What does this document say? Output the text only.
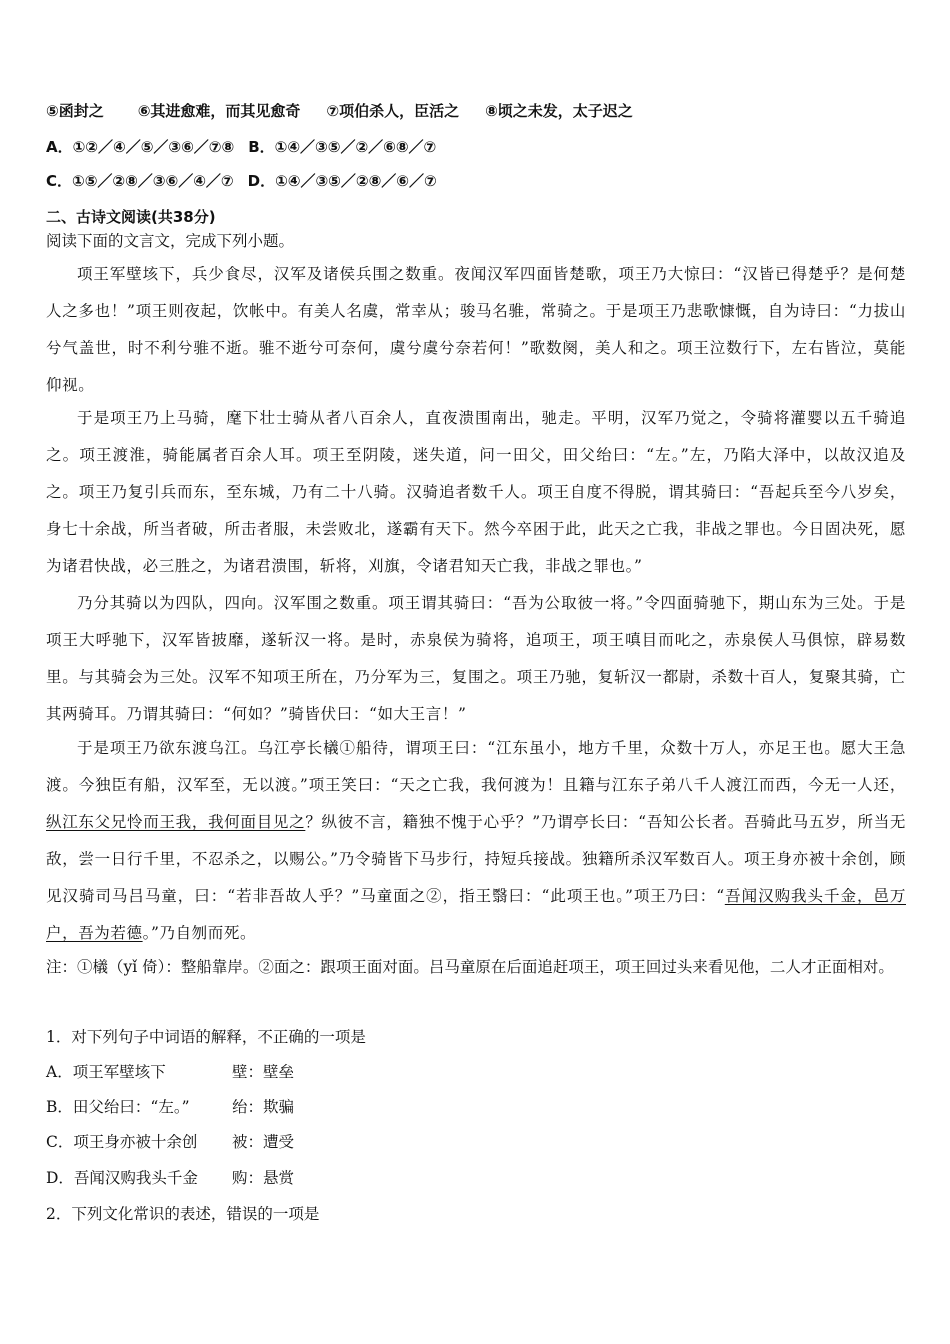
⑤函封之 ⑥其进愈难，而其见愈奇 ⑦项伯杀人，臣活之 ⑧顷之未发，太子迟之
A．①②／④／⑤／③⑥／⑦⑧ B．①④／③⑤／②／⑥⑧／⑦
C．①⑤／②⑧／③⑥／④／⑦ D．①④／③⑤／②⑧／⑥／⑦
二、古诗文阅读(共38分)
阅读下面的文言文，完成下列小题。

项王军壁垓下，兵少食尽，汉军及诸侯兵围之数重。夜闻汉军四面皆楚歌，项王乃大惊曰：“汉皆已得楚乎？是何楚人之多也！”项王则夜起，饮帐中。有美人名虞，常幸从；骏马名骓，常骑之。于是项王乃悲歌慷慨，自为诗曰：“力拔山兮气盖世，时不利兮骓不逝。骓不逝兮可奈何，虞兮虞兮奈若何！”歌数阕，美人和之。项王泣数行下，左右皆泣，莫能仰视。

于是项王乃上马骑，麾下壮士骑从者八百余人，直夜溃围南出，驰走。平明，汉军乃觉之，令骑将灌婴以五千骑追之。项王渡淮，骑能属者百余人耳。项王至阴陵，迷失道，问一田父，田父绐曰：“左。”左，乃陷大泽中，以故汉追及之。项王乃复引兵而东，至东城，乃有二十八骑。汉骑追者数千人。项王自度不得脱，谓其骑曰：“吾起兵至今八岁矣，身七十余战，所当者破，所击者服，未尝败北，遂霸有天下。然今卒困于此，此天之亡我，非战之罪也。今日固决死，愿为诸君快战，必三胜之，为诸君溃围，斩将，刈旗，令诸君知天亡我，非战之罪也。”

乃分其骑以为四队，四向。汉军围之数重。项王谓其骑曰：“吾为公取彼一将。”令四面骑驰下，期山东为三处。于是项王大呼驰下，汉军皆披靡，遂斩汉一将。是时，赤泉侯为骑将，追项王，项王嗔目而叱之，赤泉侯人马俱惊，辟易数里。与其骑会为三处。汉军不知项王所在，乃分军为三，复围之。项王乃驰，复斩汉一都尉，杀数十百人，复聚其骑，亡其两骑耳。乃谓其骑曰：“何如？”骑皆伏曰：“如大王言！”

于是项王乃欲东渡乌江。乌江亭长檥①船待，谓项王曰：“江东虽小，地方千里，众数十万人，亦足王也。愿大王急渡。今独臣有船，汉军至，无以渡。”项王笑曰：“天之亡我，我何渡为！且籍与江东子弟八千人渡江而西，今无一人还，纵江东父兄怜而王我，我何面目见之？纵彼不言，籍独不愧于心乎？”乃谓亭长曰：“吾知公长者。吾骑此马五岁，所当无敌，尝一日行千里，不忍杀之，以赐公。”乃令骑皆下马步行，持短兵接战。独籍所杀汉军数百人。项王身亦被十余创，顾见汉骑司马吕马童，曰：“若非吾故人乎？”马童面之②，指王翳曰：“此项王也。”项王乃曰：“吾闻汉购我头千金，邑万户，吾为若德。”乃自刎而死。

注：①檥（yǐ 倚）：整船靠岸。②面之：跟项王面对面。吕马童原在后面追赶项王，项王回过头来看见他，二人才正面相对。

1．对下列句子中词语的解释，不正确的一项是
A．项王军壁垓下	壁：壁垒
B．田父绐曰：“左。”	绐：欺骗
C．项王身亦被十余创 被：遭受
D．吾闻汉购我头千金 购：悬赏
2．下列文化常识的表述，错误的一项是
